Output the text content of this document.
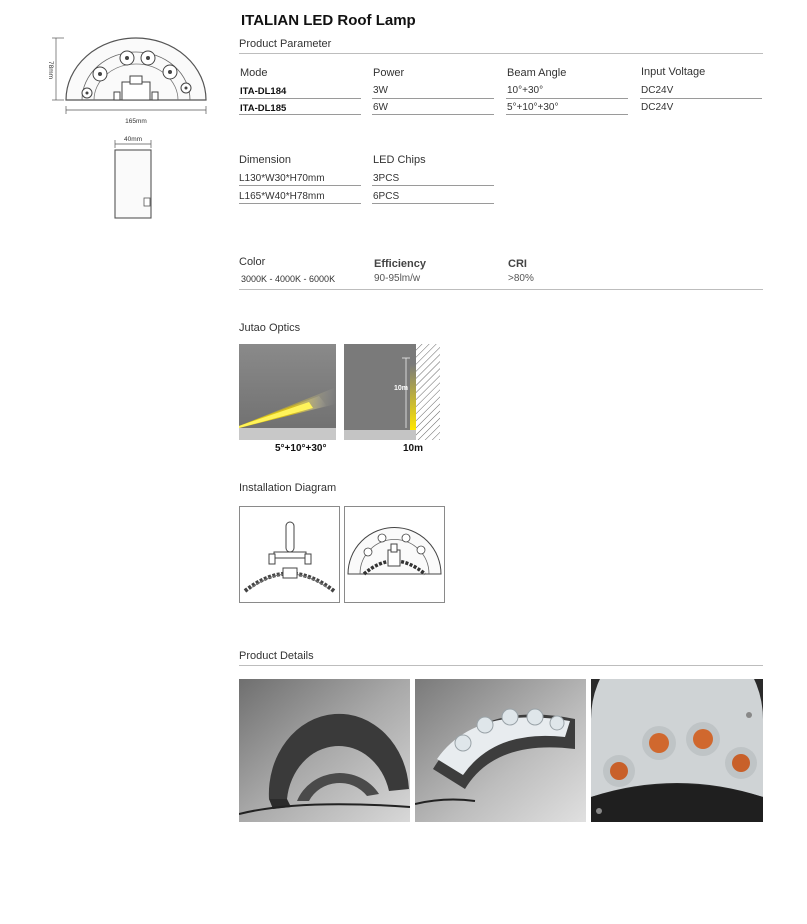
ITALIAN LED Roof Lamp
78mm
165mm
40mm
Product Parameter
Mode	Power	Beam Angle	Input Voltage
ITA-DL184	3W	10°+30°	DC24V
ITA-DL185	6W	5°+10°+30°	DC24V
Dimension	LED Chips
L130*W30*H70mm	3PCS
L165*W40*H78mm	6PCS
Color	Efficiency	CRI
3000K - 4000K - 6000K	90-95lm/w	>80%
Jutao Optics
5°+10°+30°
10m
10m
Installation Diagram
Product Details
